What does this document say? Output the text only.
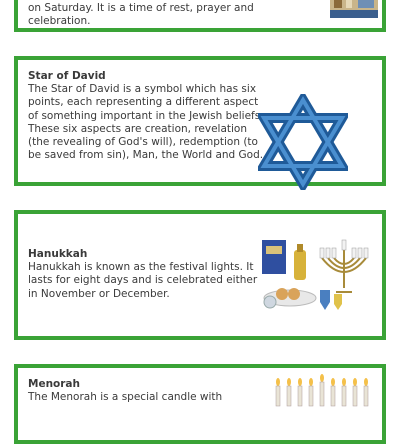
on Saturday. It is a time of rest, prayer and celebration.
Star of David
The Star of David is a symbol which has six points, each representing a different aspect of something important in the Jewish beliefs. These six aspects are creation, revelation (the revealing of God's will), redemption (to be saved from sin), Man, the World and God.
Hanukkah
Hanukkah is known as the festival lights. It lasts for eight days and is celebrated either in November or December.
Menorah
The Menorah is a special candle with
